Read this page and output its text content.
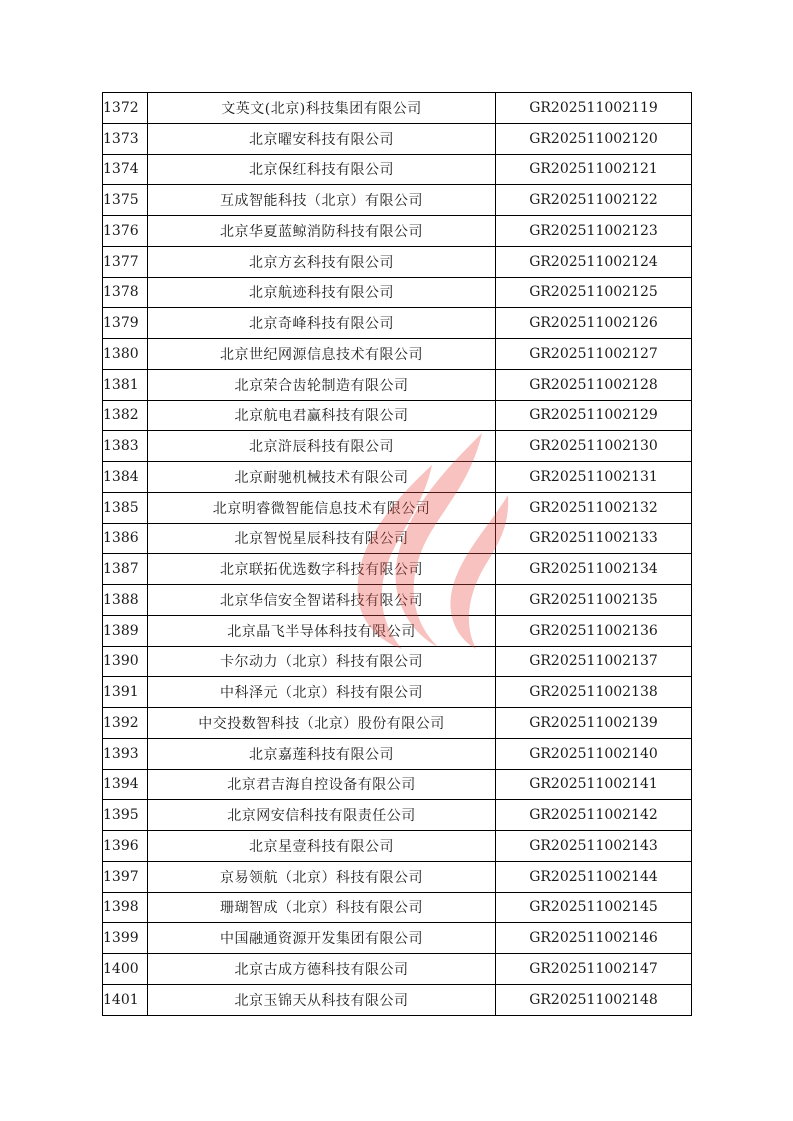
1372	文英文(北京)科技集团有限公司	GR202511002119
1373	北京曜安科技有限公司	GR202511002120
1374	北京保红科技有限公司	GR202511002121
1375	互成智能科技（北京）有限公司	GR202511002122
1376	北京华夏蓝鲸消防科技有限公司	GR202511002123
1377	北京方玄科技有限公司	GR202511002124
1378	北京航迹科技有限公司	GR202511002125
1379	北京奇峰科技有限公司	GR202511002126
1380	北京世纪网源信息技术有限公司	GR202511002127
1381	北京荣合齿轮制造有限公司	GR202511002128
1382	北京航电君赢科技有限公司	GR202511002129
1383	北京浒辰科技有限公司	GR202511002130
1384	北京耐驰机械技术有限公司	GR202511002131
1385	北京明睿微智能信息技术有限公司	GR202511002132
1386	北京智悦星辰科技有限公司	GR202511002133
1387	北京联拓优选数字科技有限公司	GR202511002134
1388	北京华信安全智诺科技有限公司	GR202511002135
1389	北京晶飞半导体科技有限公司	GR202511002136
1390	卡尔动力（北京）科技有限公司	GR202511002137
1391	中科泽元（北京）科技有限公司	GR202511002138
1392	中交投数智科技（北京）股份有限公司	GR202511002139
1393	北京嘉莲科技有限公司	GR202511002140
1394	北京君吉海自控设备有限公司	GR202511002141
1395	北京网安信科技有限责任公司	GR202511002142
1396	北京星壹科技有限公司	GR202511002143
1397	京易领航（北京）科技有限公司	GR202511002144
1398	珊瑚智成（北京）科技有限公司	GR202511002145
1399	中国融通资源开发集团有限公司	GR202511002146
1400	北京古成方德科技有限公司	GR202511002147
1401	北京玉锦天从科技有限公司	GR202511002148
